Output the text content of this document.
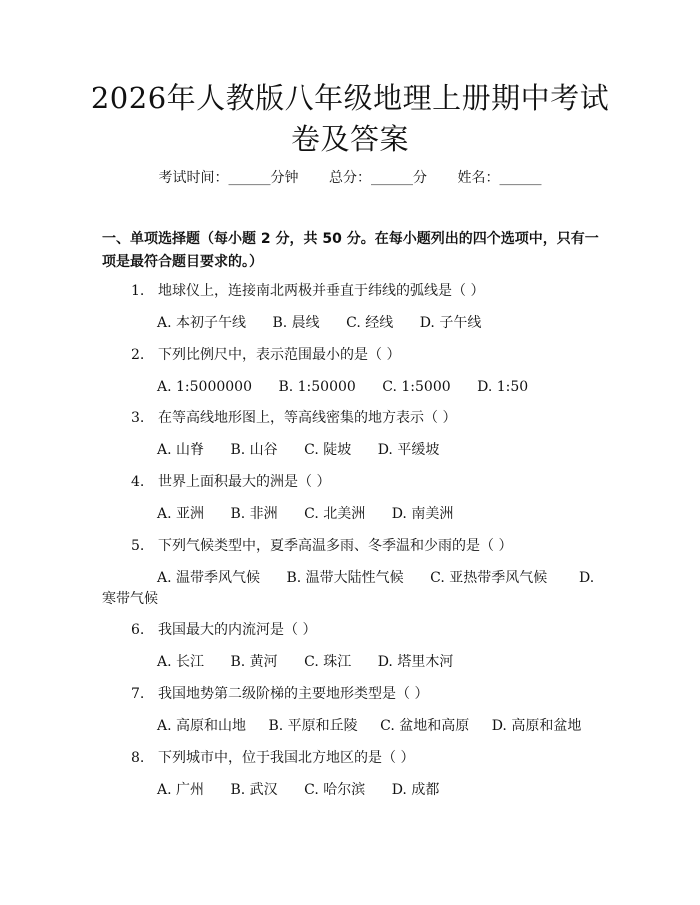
2026年人教版八年级地理上册期中考试卷及答案
考试时间：______分钟 总分：______分 姓名：______
一、单项选择题（每小题 2 分，共 50 分。在每小题列出的四个选项中，只有一项是最符合题目要求的。）
1. 地球仪上，连接南北两极并垂直于纬线的弧线是（ ）
A. 本初子午线 B. 晨线 C. 经线 D. 子午线
2. 下列比例尺中，表示范围最小的是（ ）
A. 1:5000000 B. 1:50000 C. 1:5000 D. 1:50
3. 在等高线地形图上，等高线密集的地方表示（ ）
A. 山脊 B. 山谷 C. 陡坡 D. 平缓坡
4. 世界上面积最大的洲是（ ）
A. 亚洲 B. 非洲 C. 北美洲 D. 南美洲
5. 下列气候类型中，夏季高温多雨、冬季温和少雨的是（ ）
A. 温带季风气候 B. 温带大陆性气候 C. 亚热带季风气候 D.
寒带气候
6. 我国最大的内流河是（ ）
A. 长江 B. 黄河 C. 珠江 D. 塔里木河
7. 我国地势第二级阶梯的主要地形类型是（ ）
A. 高原和山地 B. 平原和丘陵 C. 盆地和高原 D. 高原和盆地
8. 下列城市中，位于我国北方地区的是（ ）
A. 广州 B. 武汉 C. 哈尔滨 D. 成都
